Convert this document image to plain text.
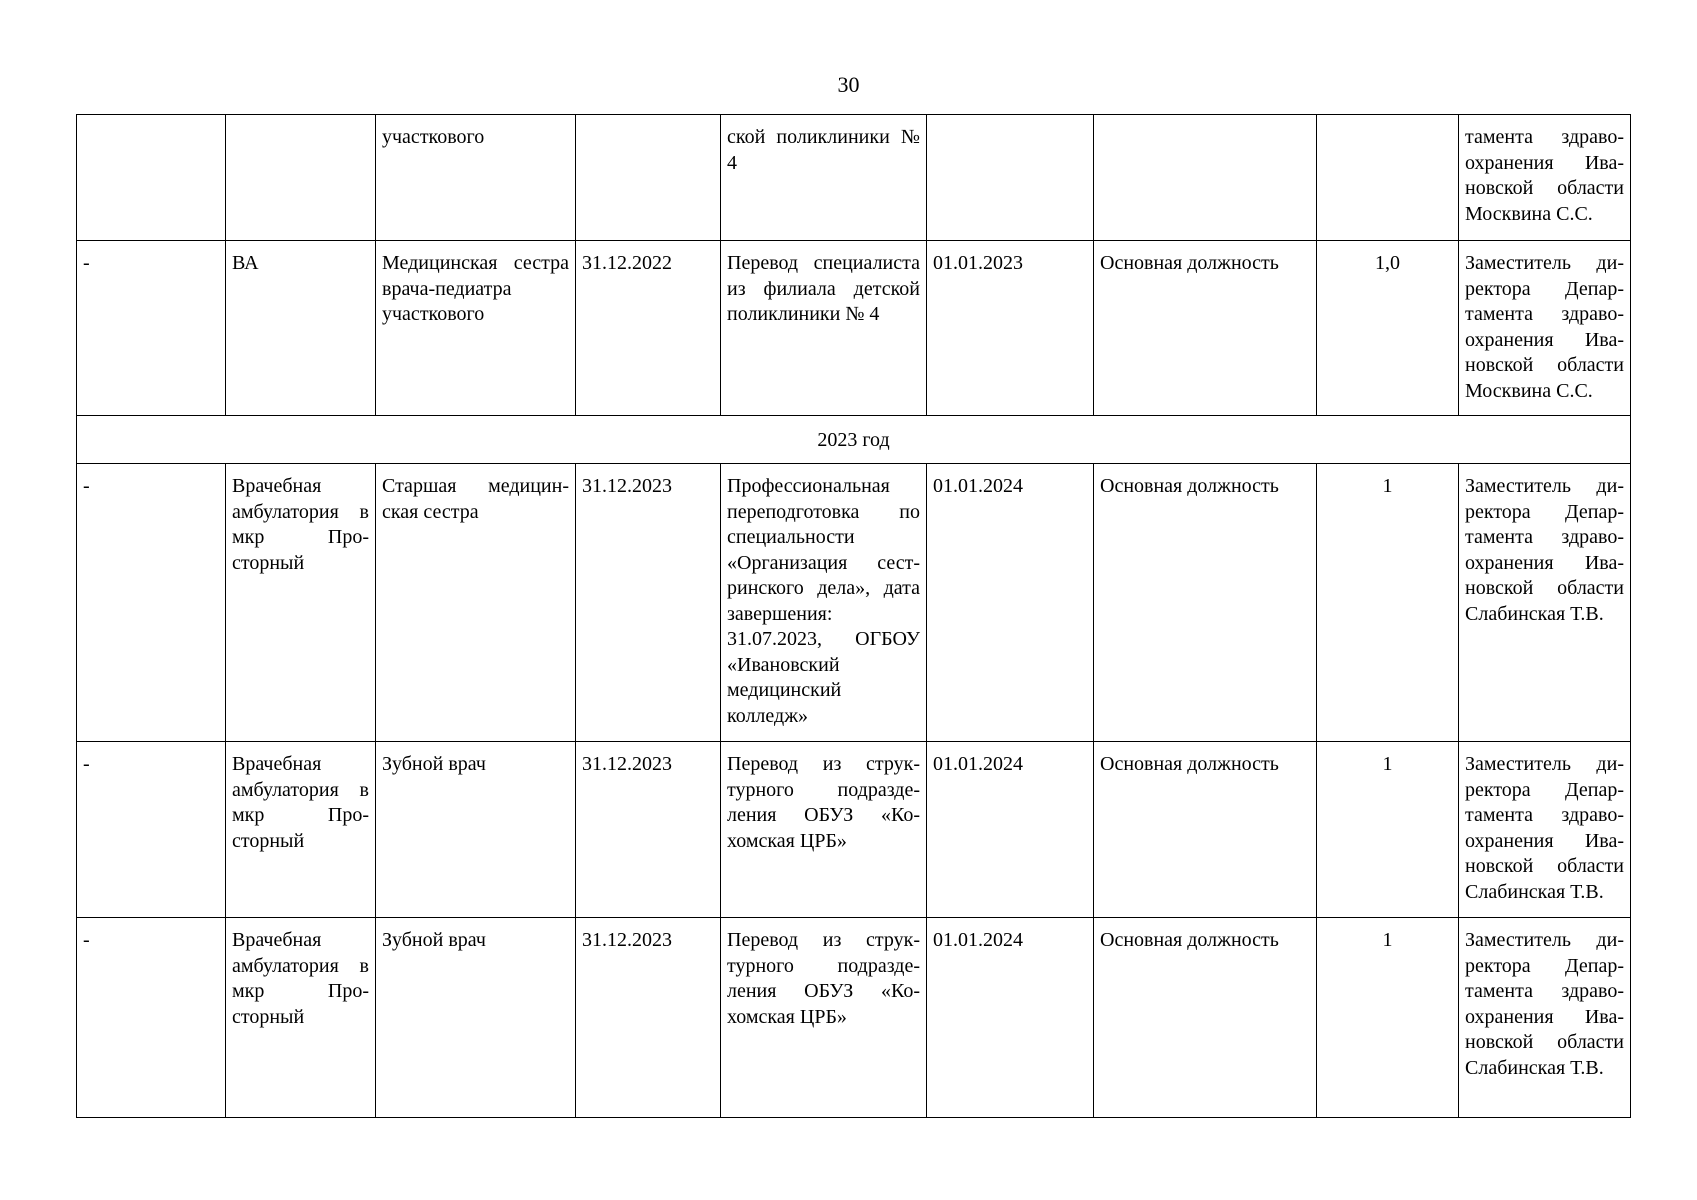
30
		участкового		ской поликлиники № 4				тамента здравоохранения Ивановской области Москвина С.С.
-	ВА	Медицинская сестра врача-педиатра участкового	31.12.2022	Перевод специалиста из филиала детской поликлиники № 4	01.01.2023	Основная должность	1,0	Заместитель директора Департамента здравоохранения Ивановской области Москвина С.С.
2023 год								
-	Врачебная амбулатория в мкр Просторный	Старшая медицинская сестра	31.12.2023	Профессиональная переподготовка по специальности «Организация сестринского дела», дата завершения: 31.07.2023, ОГБОУ «Ивановский медицинский колледж»	01.01.2024	Основная должность	1	Заместитель директора Департамента здравоохранения Ивановской области Слабинская Т.В.
-	Врачебная амбулатория в мкр Просторный	Зубной врач	31.12.2023	Перевод из структурного подразделения ОБУЗ «Кохомская ЦРБ»	01.01.2024	Основная должность	1	Заместитель директора Департамента здравоохранения Ивановской области Слабинская Т.В.
-	Врачебная амбулатория в мкр Просторный	Зубной врач	31.12.2023	Перевод из структурного подразделения ОБУЗ «Кохомская ЦРБ»	01.01.2024	Основная должность	1	Заместитель директора Департамента здравоохранения Ивановской области Слабинская Т.В.
